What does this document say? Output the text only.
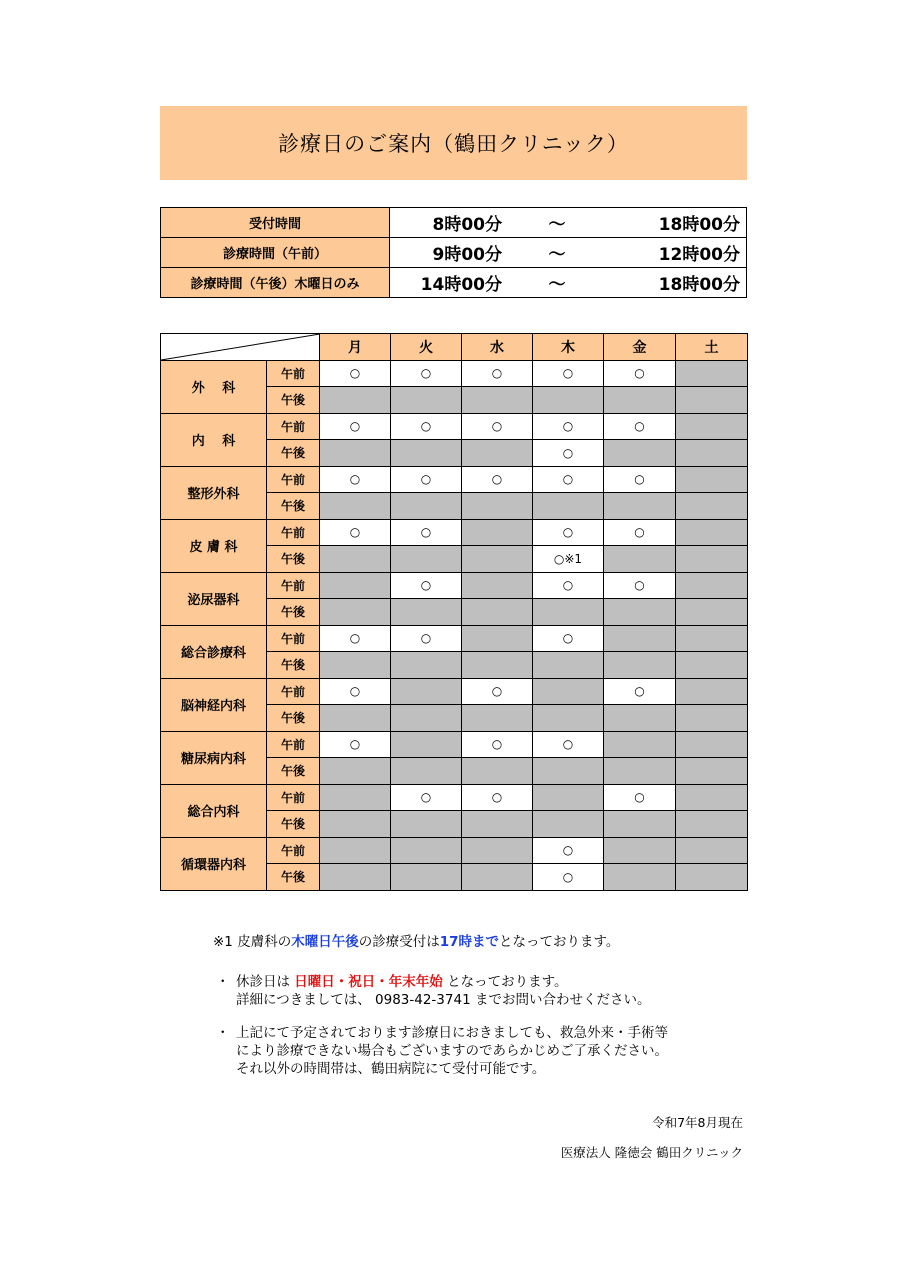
診療日のご案内（鶴田クリニック）
受付時間	8時00分 ～ 18時00分

診療時間（午前）	9時00分 ～ 12時00分

診療時間（午後）木曜日のみ	14時00分 ～ 18時00分
	月	火	水	木	金	土
外　 科	午前	○	○	○	○	○	
	午後						
内 　科	午前	○	○	○	○	○	
	午後				○		
整形外科	午前	○	○	○	○	○	
	午後						
皮 膚 科	午前	○	○		○	○	
	午後				○※1		
泌尿器科	午前		○		○	○	
	午後						
総合診療科	午前	○	○		○		
	午後						
脳神経内科	午前	○		○		○	
	午後						
糖尿病内科	午前	○		○	○		
	午後						
総合内科	午前		○	○		○	
	午後						
循環器内科	午前				○		
	午後				○		
※1 皮膚科の木曜日午後の診療受付は17時までとなっております。
・ 休診日は 日曜日・祝日・年末年始 となっております。
詳細につきましては、 0983-42-3741 までお問い合わせください。
・ 上記にて予定されております診療日におきましても、救急外来・手術等
により診療できない場合もございますのであらかじめご了承ください。
それ以外の時間帯は、鶴田病院にて受付可能です。
令和7年8月現在
医療法人 隆徳会 鶴田クリニック
